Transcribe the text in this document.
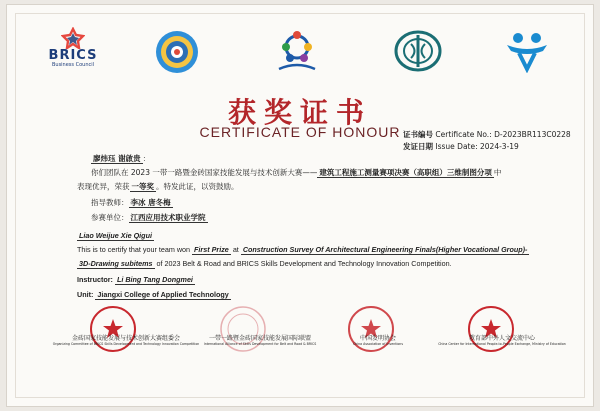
BRICS
Business Council
获奖证书
CERTIFICATE OF HONOUR 证书编号 Certificate No.: D-2023BR113C0228
发证日期 Issue Date: 2024-3-19
廖炜珏 谢啟贵 ：
你们团队在 2023 一带一路暨金砖国家技能发展与技术创新大赛—— 建筑工程施工测量赛项决赛（高职组）三维制图分项 中
表现优异，荣获 一等奖 。特发此证，以资鼓励。
指导教师： 李冰 唐冬梅
参赛单位： 江西应用技术职业学院
Liao Weijue Xie Qigui
This is to certify that your team won First Prize at Construction Survey Of Architectural Engineering Finals(Higher Vocational Group)-
3D-Drawing subitems of 2023 Belt & Road and BRICS Skills Development and Technology Innovation Competition.
Instructor: Li Bing Tang Dongmei
Unit: Jiangxi College of Applied Technology
金砖国家技能发展与技术创新大赛组委会
Organizing Committee of BRICS Skills Development and Technology Innovation Competition
一带一路暨金砖国家技能发展国际联盟
International Alliance of Skills Development for Belt and Road & BRICS
中国发明协会
China Association of Inventions
教育部中外人文交流中心
China Center for International People-to-People Exchange, Ministry of Education
